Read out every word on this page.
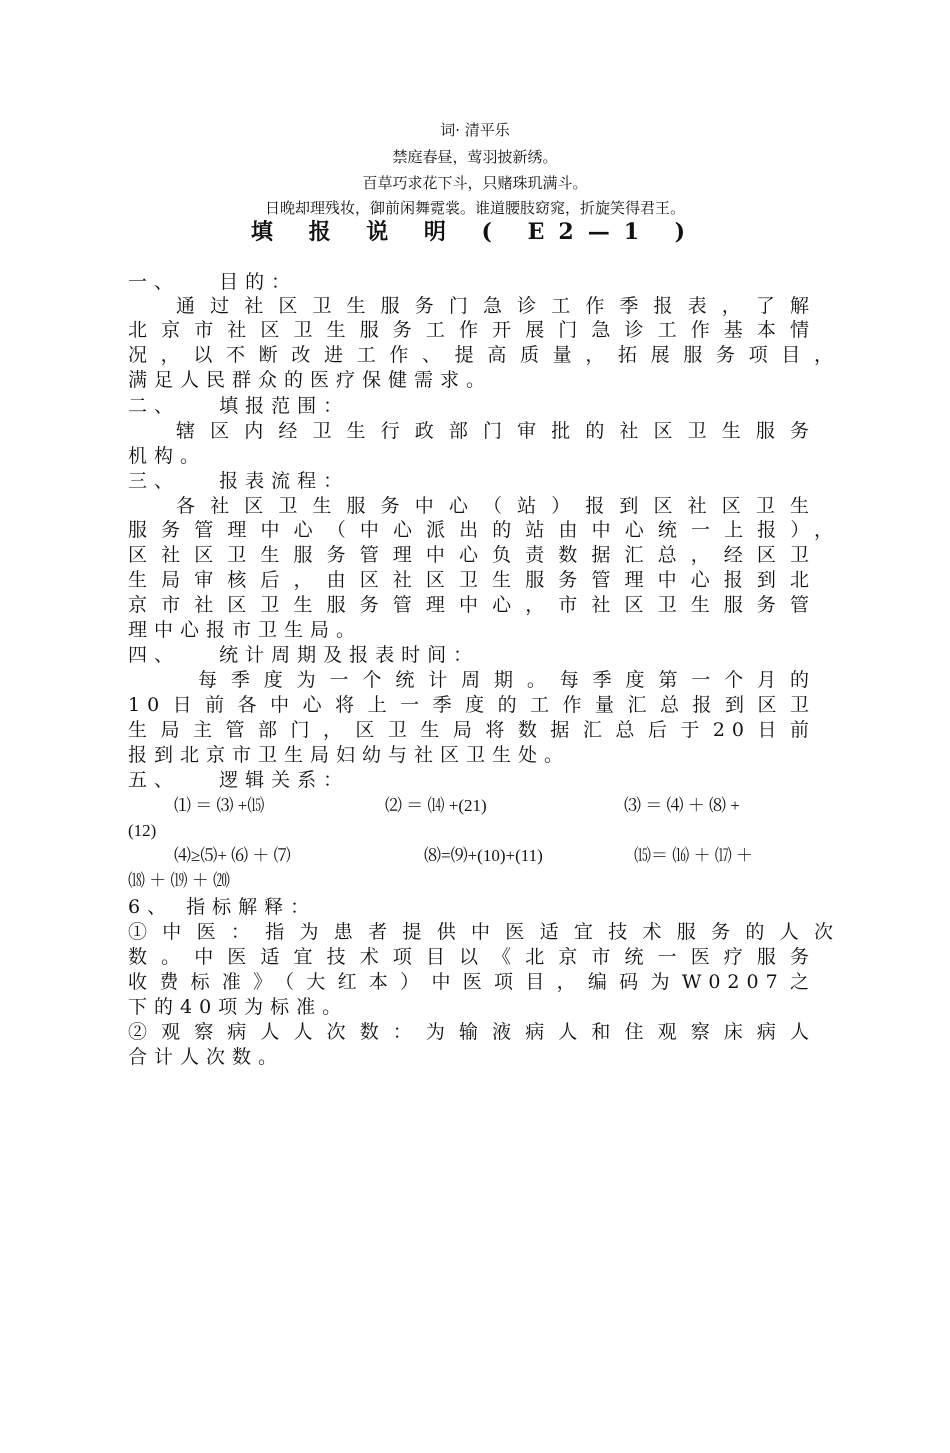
词· 清平乐
禁庭春昼，莺羽披新绣。
百草巧求花下斗，只赌珠玑满斗。
日晚却理残妆，御前闲舞霓裳。谁道腰肢窈窕，折旋笑得君王。
填 报 说 明 ( E2—1 )
一、   目的：
通过社区卫生服务门急诊工作季报表，了解
北京市社区卫生服务工作开展门急诊工作基本情
况，以不断改进工作、提高质量，拓展服务项目，
满足人民群众的医疗保健需求。
二、   填报范围：
辖区内经卫生行政部门审批的社区卫生服务
机构。
三、   报表流程：
各社区卫生服务中心（站）报到区社区卫生
服务管理中心（中心派出的站由中心统一上报），
区社区卫生服务管理中心负责数据汇总，经区卫
生局审核后，由区社区卫生服务管理中心报到北
京市社区卫生服务管理中心，市社区卫生服务管
理中心报市卫生局。
四、   统计周期及报表时间：
每季度为一个统计周期。每季度第一个月的
10日前各中心将上一季度的工作量汇总报到区卫
生局主管部门，区卫生局将数据汇总后于20日前
报到北京市卫生局妇幼与社区卫生处。
五、   逻辑关系：
⑴ ＝ ⑶ +⒂	⑵ ＝ ⒁ +(21)	⑶ ＝ ⑷ ＋ ⑻ +
(12)
⑷≥⑸+ ⑹ ＋ ⑺	⑻=⑼+(10)+(11)	⒂＝ ⒃ ＋ ⒄ ＋
⒅ ＋ ⒆ ＋ ⒇
6、 指标解释：
①中医：指为患者提供中医适宜技术服务的人次
数。中医适宜技术项目以《北京市统一医疗服务
收费标准》（大红本）中医项目，编码为W0207之
下的40项为标准。
②观察病人人次数：为输液病人和住观察床病人
合计人次数。
